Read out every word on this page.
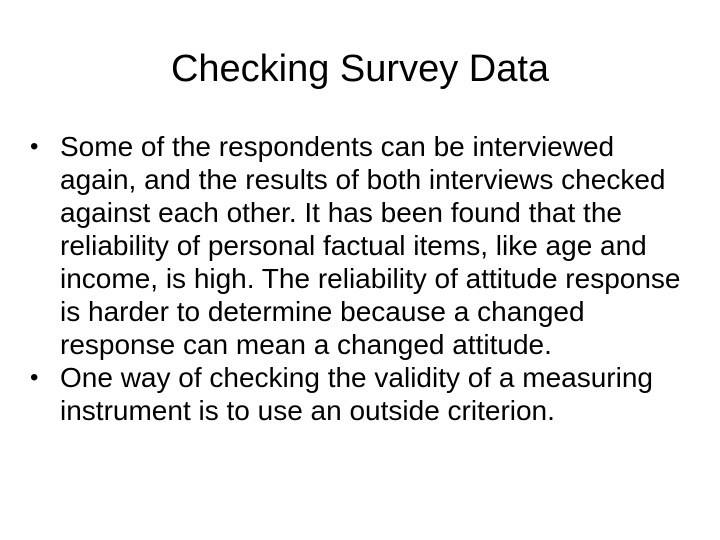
Checking Survey Data
• Some of the respondents can be interviewed again, and the results of both interviews checked against each other. It has been found that the reliability of personal factual items, like age and income, is high. The reliability of attitude response is harder to determine because a changed response can mean a changed attitude.
• One way of checking the validity of a measuring instrument is to use an outside criterion.
